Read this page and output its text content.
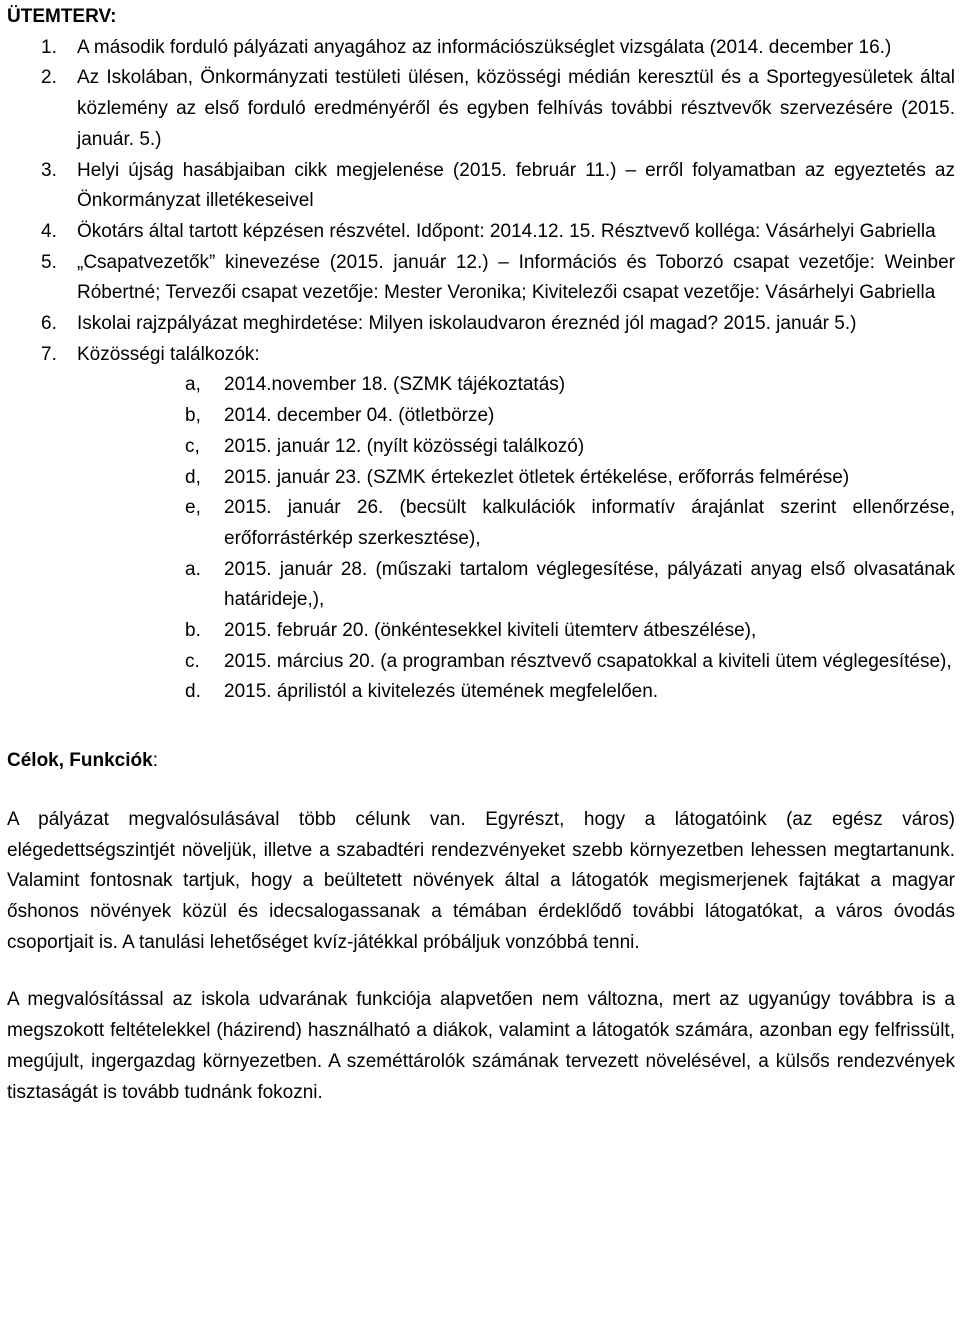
ÜTEMTERV:

1. A második forduló pályázati anyagához az információszükséglet vizsgálata (2014. december 16.)
2. Az Iskolában, Önkormányzati testületi ülésen, közösségi médián keresztül és a Sportegyesületek által közlemény az első forduló eredményéről és egyben felhívás további résztvevők szervezésére (2015. január. 5.)
3. Helyi újság hasábjaiban cikk megjelenése (2015. február 11.) – erről folyamatban az egyeztetés az Önkormányzat illetékeseivel
4. Ökotárs által tartott képzésen részvétel. Időpont: 2014.12. 15. Résztvevő kolléga: Vásárhelyi Gabriella
5. „Csapatvezetők” kinevezése (2015. január 12.) – Információs és Toborzó csapat vezetője: Weinber Róbertné; Tervezői csapat vezetője: Mester Veronika; Kivitelezői csapat vezetője: Vásárhelyi Gabriella
6. Iskolai rajzpályázat meghirdetése: Milyen iskolaudvaron éreznéd jól magad? 2015. január 5.)
7. Közösségi találkozók:
a, 2014.november 18. (SZMK tájékoztatás)
b, 2014. december 04. (ötletbörze)
c, 2015. január 12. (nyílt közösségi találkozó)
d, 2015. január 23. (SZMK értekezlet ötletek értékelése, erőforrás felmérése)
e, 2015. január 26. (becsült kalkulációk informatív árajánlat szerint ellenőrzése, erőforrástérkép szerkesztése),
a. 2015. január 28. (műszaki tartalom véglegesítése, pályázati anyag első olvasatának határideje,),
b. 2015. február 20. (önkéntesekkel kiviteli ütemterv átbeszélése),
c. 2015. március 20. (a programban résztvevő csapatokkal a kiviteli ütem véglegesítése),
d. 2015. áprilistól a kivitelezés ütemének megfelelően.

Célok, Funkciók:

A pályázat megvalósulásával több célunk van. Egyrészt, hogy a látogatóink (az egész város) elégedettségszintjét növeljük, illetve a szabadtéri rendezvényeket szebb környezetben lehessen megtartanunk. Valamint fontosnak tartjuk, hogy a beültetett növények által a látogatók megismerjenek fajtákat a magyar őshonos növények közül és idecsalogassanak a témában érdeklődő további látogatókat, a város óvodás csoportjait is. A tanulási lehetőséget kvíz-játékkal próbáljuk vonzóbbá tenni.

A megvalósítással az iskola udvarának funkciója alapvetően nem változna, mert az ugyanúgy továbbra is a megszokott feltételekkel (házirend) használható a diákok, valamint a látogatók számára, azonban egy felfrissült, megújult, ingergazdag környezetben. A szeméttárolók számának tervezett növelésével, a külsős rendezvények tisztaságát is tovább tudnánk fokozni.
